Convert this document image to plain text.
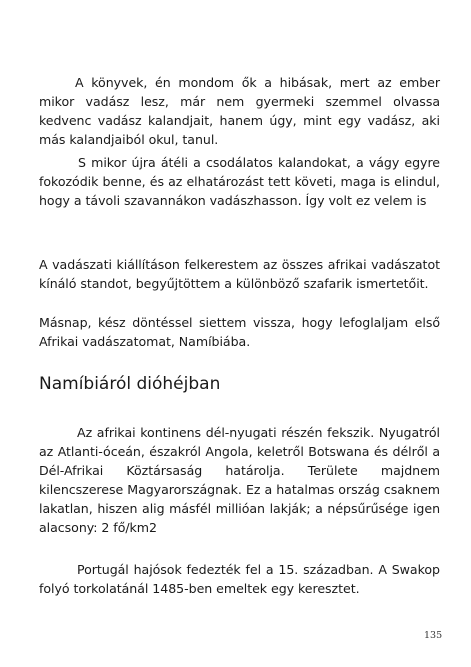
A könyvek, én mondom ők a hibásak, mert az ember mikor vadász lesz, már nem gyermeki szemmel olvassa kedvenc vadász kalandjait, hanem úgy, mint egy vadász, aki más kalandjaiból okul, tanul.
S mikor újra átéli a csodálatos kalandokat, a vágy egyre fokozódik benne, és az elhatározást tett követi, maga is elindul, hogy a távoli szavannákon vadászhasson. Így volt ez velem is
A vadászati kiállításon felkerestem az összes afrikai vadászatot kínáló standot, begyűjtöttem a különböző szafarik ismertetőit.
Másnap, kész döntéssel siettem vissza, hogy lefoglaljam első Afrikai vadászatomat, Namíbiába.
Namíbiáról dióhéjban
Az afrikai kontinens dél-nyugati részén fekszik. Nyugatról az Atlanti-óceán, északról Angola, keletről Botswana és délről a Dél-Afrikai Köztársaság határolja. Területe majdnem kilencszerese Magyarországnak. Ez a hatalmas ország csaknem lakatlan, hiszen alig másfél millióan lakják; a népsűrűsége igen alacsony: 2 fő/km2
Portugál hajósok fedezték fel a 15. században. A Swakop folyó torkolatánál 1485-ben emeltek egy keresztet.
135
